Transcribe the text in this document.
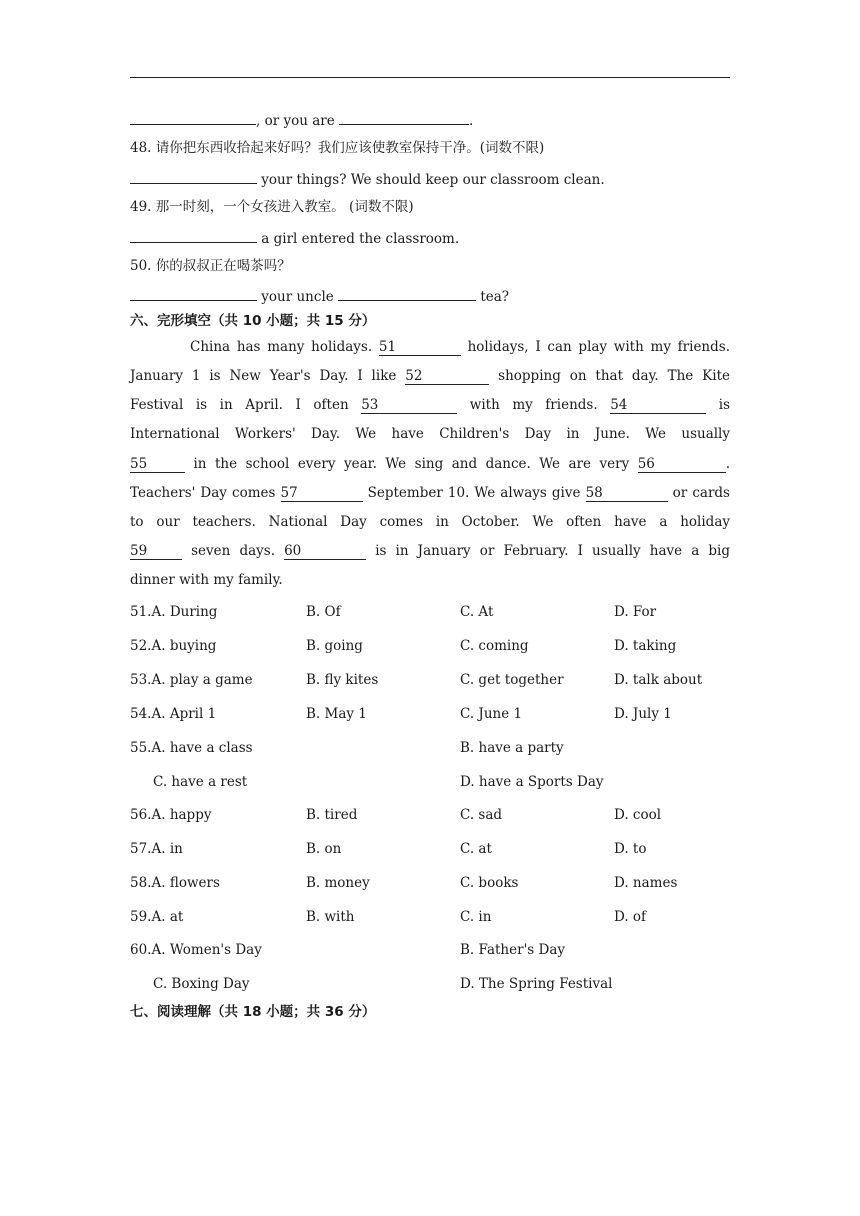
, or you are	.
48. 请你把东西收拾起来好吗？我们应该使教室保持干净。(词数不限)
your things? We should keep our classroom clean.
49. 那一时刻，一个女孩进入教室。 (词数不限)
a girl entered the classroom.
50. 你的叔叔正在喝茶吗？
your uncle	tea?
六、完形填空（共 10 小题；共 15 分）
China has many holidays. 51	holidays, I can play with my friends.
January 1 is New Year's Day. I like 52	shopping on that day. The Kite
Festival is in April. I often 53	with my friends. 54	is
International Workers' Day. We have Children's Day in June. We usually
55	in the school every year. We sing and dance. We are very 56	.
Teachers' Day comes 57	September 10. We always give 58	or cards
to our teachers. National Day comes in October. We often have a holiday
59	seven days. 60	is in January or February. I usually have a big
dinner with my family.
51.A. During	B. Of	C. At	D. For
52.A. buying	B. going	C. coming	D. taking
53.A. play a game	B. fly kites	C. get together	D. talk about
54.A. April 1	B. May 1	C. June 1	D. July 1
55.A. have a class	B. have a party
C. have a rest	D. have a Sports Day
56.A. happy	B. tired	C. sad	D. cool
57.A. in	B. on	C. at	D. to
58.A. flowers	B. money	C. books	D. names
59.A. at	B. with	C. in	D. of
60.A. Women's Day	B. Father's Day
C. Boxing Day	D. The Spring Festival
七、阅读理解（共 18 小题；共 36 分）
